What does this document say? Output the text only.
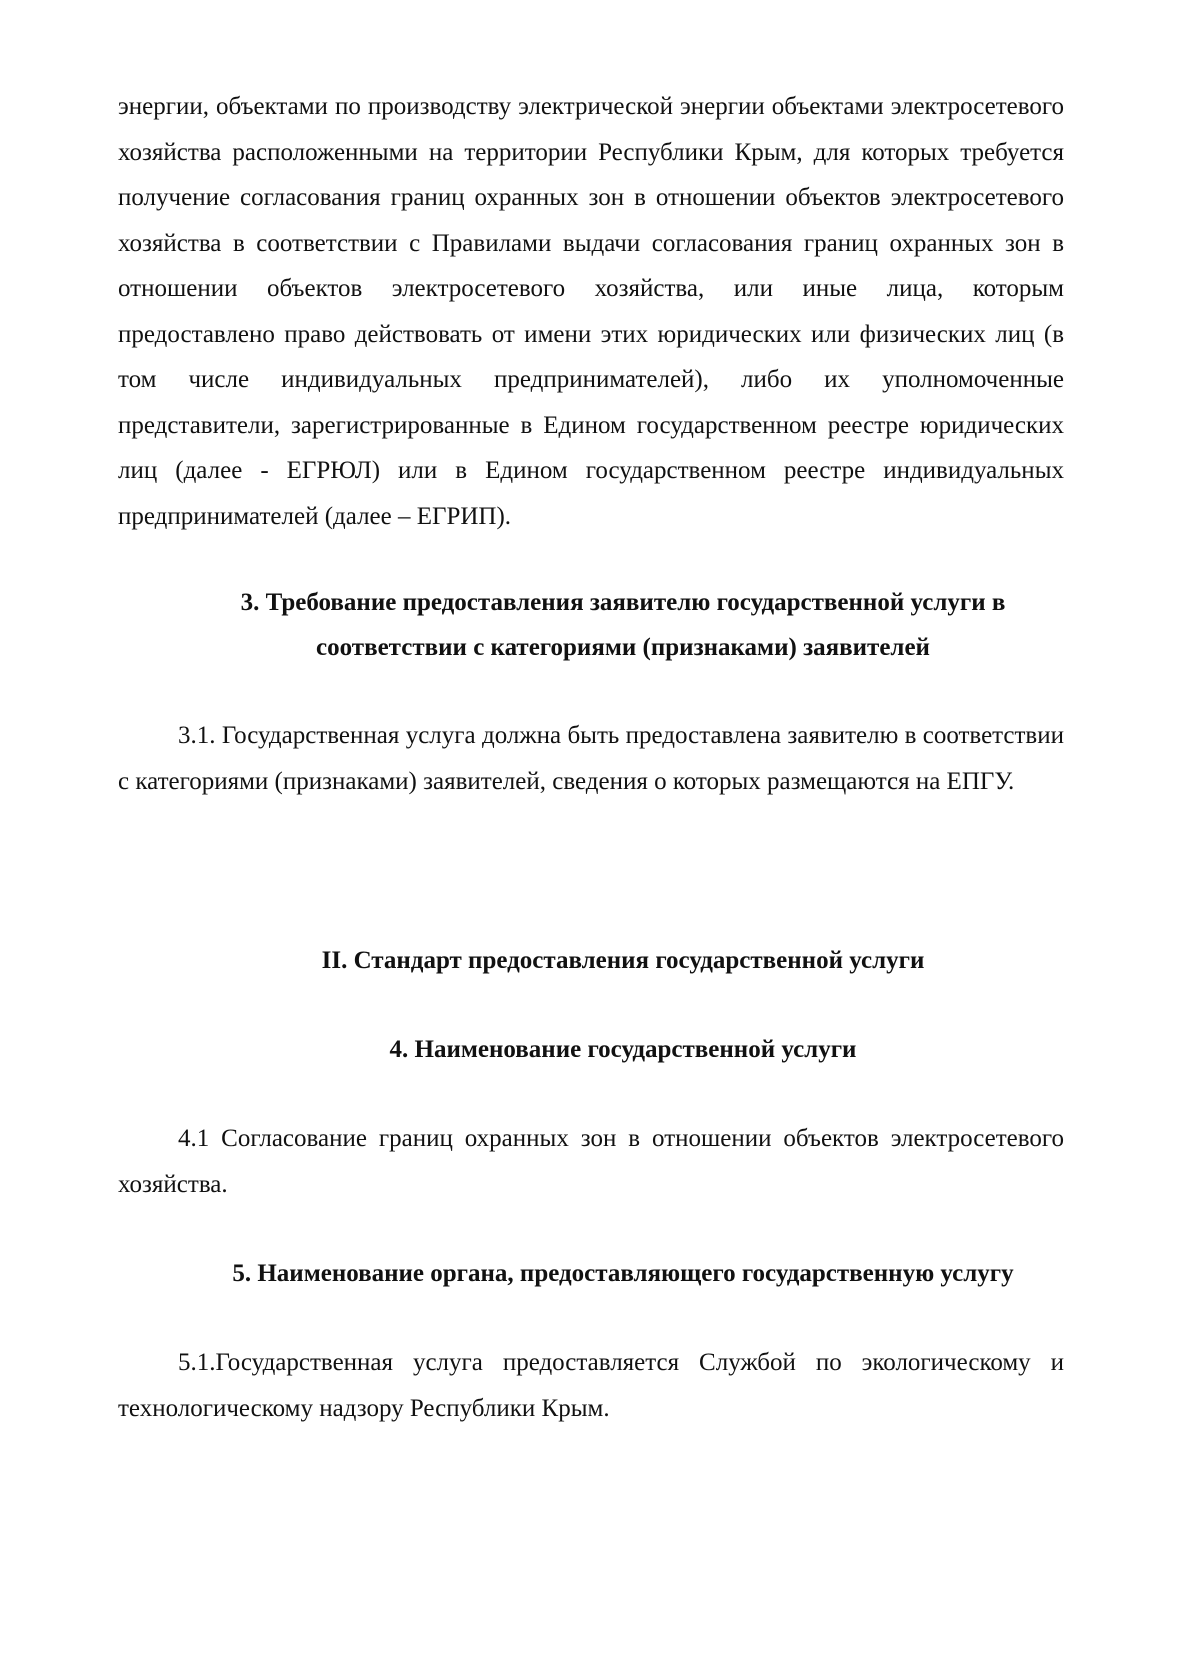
энергии, объектами по производству электрической энергии объектами электросетевого хозяйства расположенными на территории Республики Крым, для которых требуется получение согласования границ охранных зон в отношении объектов электросетевого хозяйства в соответствии с Правилами выдачи согласования границ охранных зон в отношении объектов электросетевого хозяйства, или иные лица, которым предоставлено право действовать от имени этих юридических или физических лиц (в том числе индивидуальных предпринимателей), либо их уполномоченные представители, зарегистрированные в Едином государственном реестре юридических лиц (далее - ЕГРЮЛ) или в Едином государственном реестре индивидуальных предпринимателей (далее – ЕГРИП).

3. Требование предоставления заявителю государственной услуги в
соответствии с категориями (признаками) заявителей

3.1. Государственная услуга должна быть предоставлена заявителю в соответствии с категориями (признаками) заявителей, сведения о которых размещаются на ЕПГУ.

II. Стандарт предоставления государственной услуги
4. Наименование государственной услуги

4.1 Согласование границ охранных зон в отношении объектов электросетевого хозяйства.

5. Наименование органа, предоставляющего государственную услугу

5.1.Государственная услуга предоставляется Службой по экологическому и технологическому надзору Республики Крым.
